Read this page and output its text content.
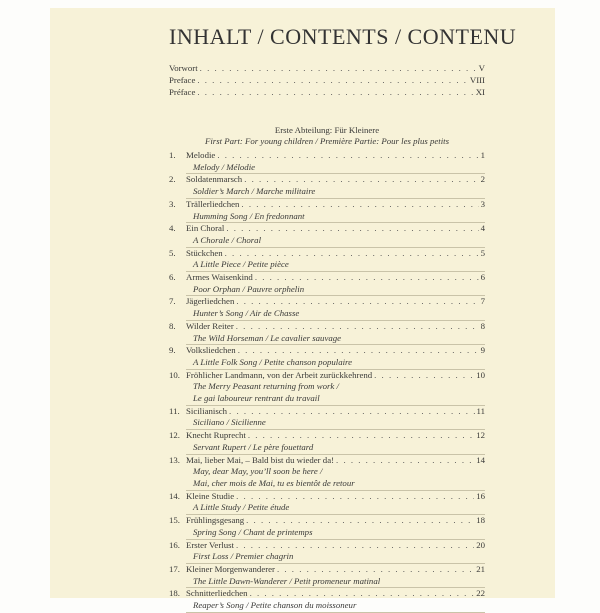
INHALT / CONTENTS / CONTENU
Vorwort . . .	V
Preface . . .	VIII
Préface . . .	XI
Erste Abteilung: Für Kleinere
First Part: For young children / Première Partie: Pour les plus petits
1.	Melodie . . .	1
Melody / Mélodie
2.	Soldatenmarsch . . .	2
Soldier’s March / Marche militaire
3.	Trällerliedchen . . .	3
Humming Song / En fredonnant
4.	Ein Choral . . .	4
A Chorale / Choral
5.	Stückchen . . .	5
A Little Piece / Petite pièce
6.	Armes Waisenkind . . .	6
Poor Orphan / Pauvre orphelin
7.	Jägerliedchen . . .	7
Hunter’s Song / Air de Chasse
8.	Wilder Reiter . . .	8
The Wild Horseman / Le cavalier sauvage
9.	Volksliedchen . . .	9
A Little Folk Song / Petite chanson populaire
10. Fröhlicher Landmann, von der Arbeit zurückkehrend . . .	10
The Merry Peasant returning from work /
Le gai laboureur rentrant du travail
11. Sicilianisch . . .	11
Siciliano / Sicilienne
12. Knecht Ruprecht . . .	12
Servant Rupert / Le père fouettard
13. Mai, lieber Mai, – Bald bist du wieder da! . . .	14
May, dear May, you’ll soon be here /
Mai, cher mois de Mai, tu es bientôt de retour
14. Kleine Studie . . .	16
A Little Study / Petite étude
15. Frühlingsgesang . . .	18
Spring Song / Chant de printemps
16. Erster Verlust . . .	20
First Loss / Premier chagrin
17. Kleiner Morgenwanderer . . .	21
The Little Dawn-Wanderer / Petit promeneur matinal
18. Schnitterliedchen . . .	22
Reaper’s Song / Petite chanson du moissoneur
